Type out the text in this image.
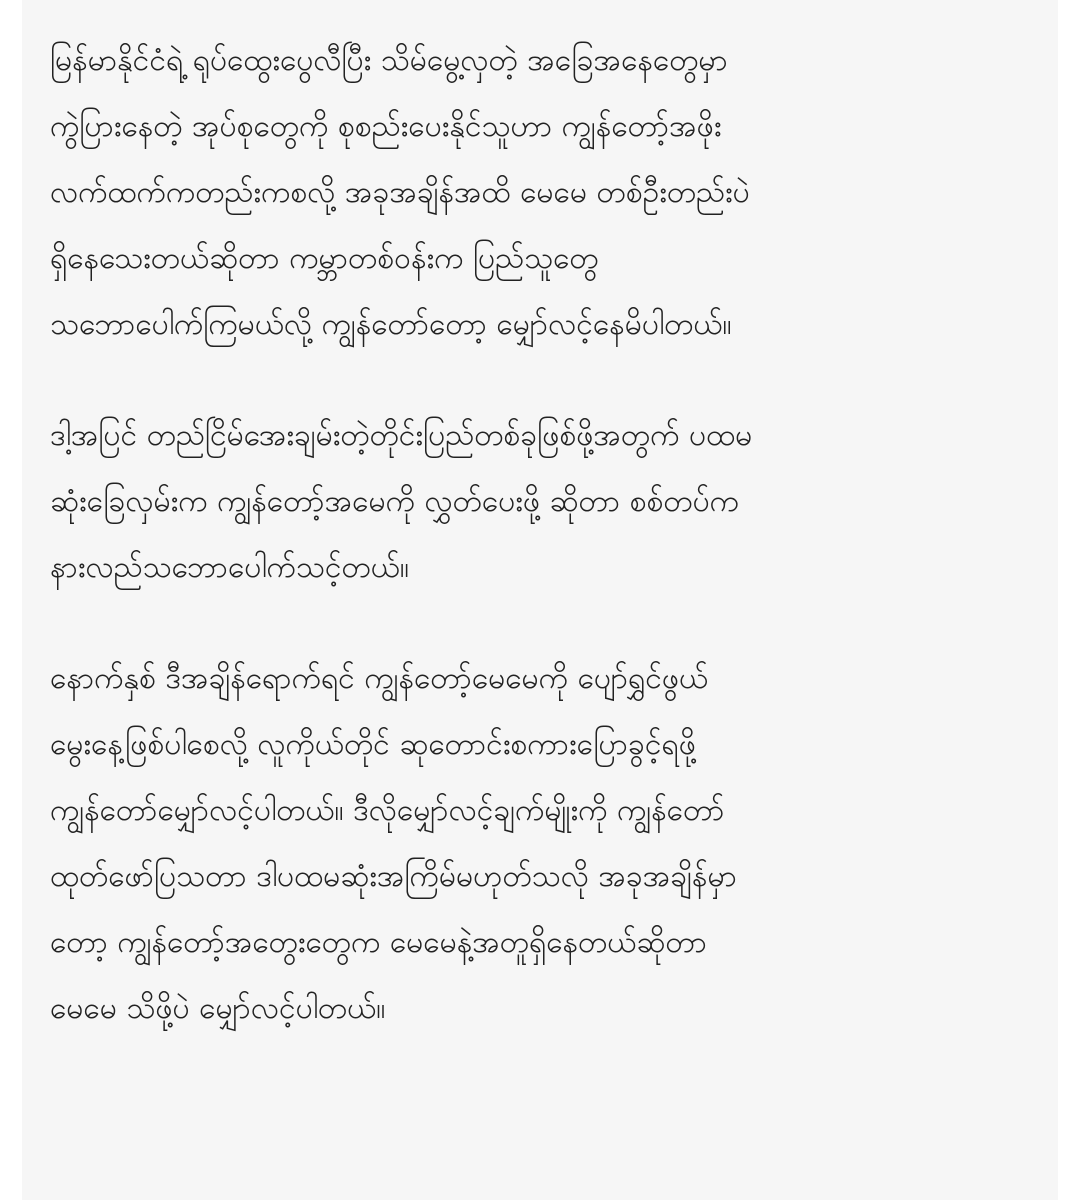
မြန်မာနိုင်ငံရဲ့ ရုပ်ထွေးပွေလီပြီး သိမ်မွေ့လှတဲ့ အခြေအနေတွေမှာ
ကွဲပြားနေတဲ့ အုပ်စုတွေကို စုစည်းပေးနိုင်သူဟာ ကျွန်တော့်အဖိုး
လက်ထက်ကတည်းကစလို့ အခုအချိန်အထိ မေမေ တစ်ဦးတည်းပဲ
ရှိနေသေးတယ်ဆိုတာ ကမ္ဘာတစ်ဝန်းက ပြည်သူတွေ
သဘောပေါက်ကြမယ်လို့ ကျွန်တော်တော့ မျှော်လင့်နေမိပါတယ်။
ဒါ့အပြင် တည်ငြိမ်အေးချမ်းတဲ့တိုင်းပြည်တစ်ခုဖြစ်ဖို့အတွက် ပထမ
ဆုံးခြေလှမ်းက ကျွန်တော့်အမေကို လွှတ်ပေးဖို့ ဆိုတာ စစ်တပ်က
နားလည်သဘောပေါက်သင့်တယ်။
နောက်နှစ် ဒီအချိန်ရောက်ရင် ကျွန်တော့်မေမေကို ပျော်ရွှင်ဖွယ်
မွေးနေ့ဖြစ်ပါစေလို့ လူကိုယ်တိုင် ဆုတောင်းစကားပြောခွင့်ရဖို့
ကျွန်တော်မျှော်လင့်ပါတယ်။ ဒီလိုမျှော်လင့်ချက်မျိုးကို ကျွန်တော်
ထုတ်ဖော်ပြသတာ ဒါပထမဆုံးအကြိမ်မဟုတ်သလို အခုအချိန်မှာ
တော့ ကျွန်တော့်အတွေးတွေက မေမေနဲ့အတူရှိနေတယ်ဆိုတာ
မေမေ သိဖို့ပဲ မျှော်လင့်ပါတယ်။
